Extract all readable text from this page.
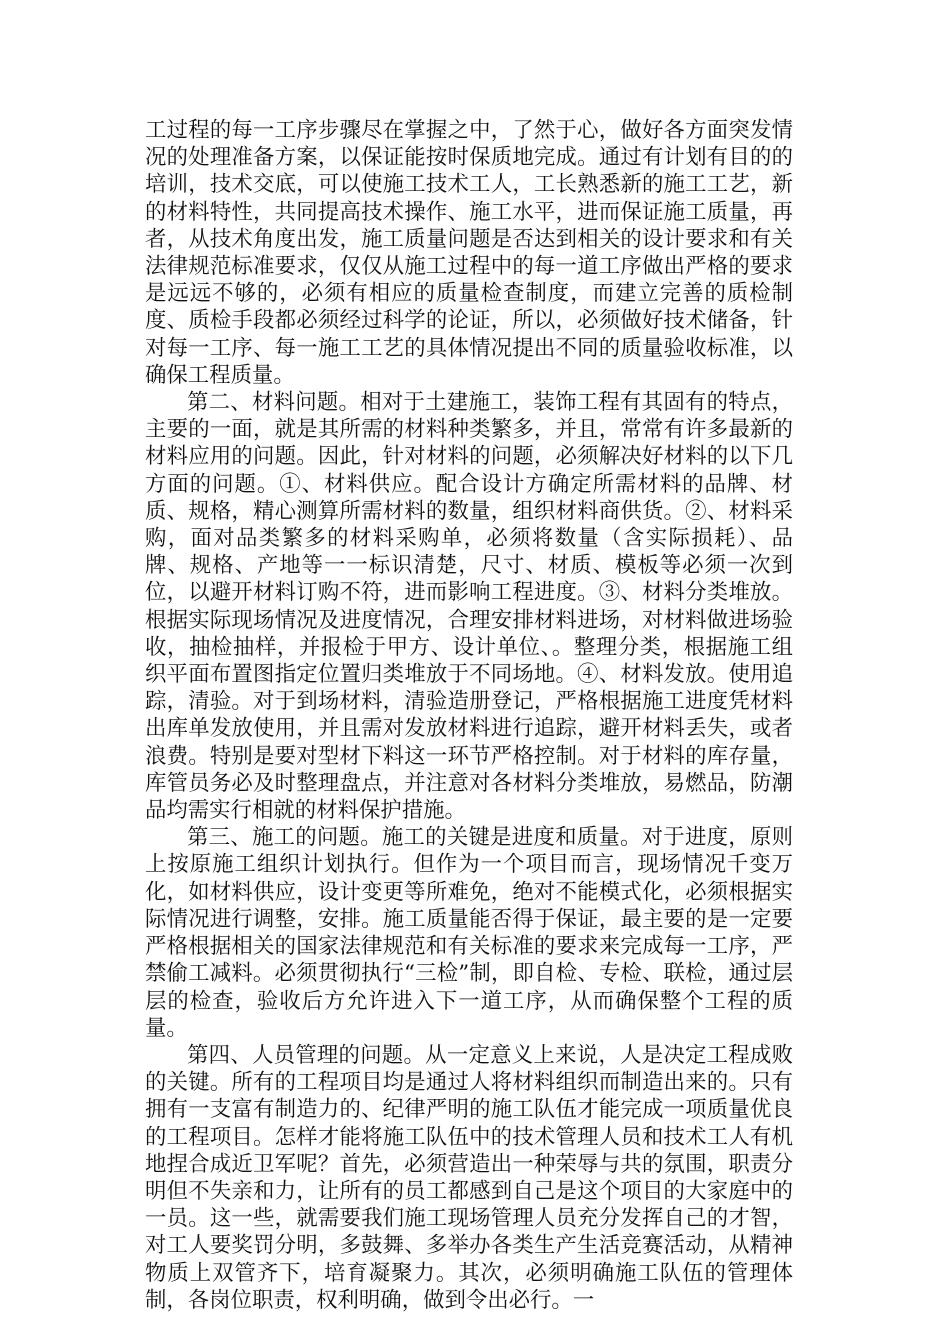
工过程的每一工序步骤尽在掌握之中，了然于心，做好各方面突发情况的处理准备方案，以保证能按时保质地完成。通过有计划有目的的培训，技术交底，可以使施工技术工人，工长熟悉新的施工工艺，新的材料特性，共同提高技术操作、施工水平，进而保证施工质量，再者，从技术角度出发，施工质量问题是否达到相关的设计要求和有关法律规范标准要求，仅仅从施工过程中的每一道工序做出严格的要求是远远不够的，必须有相应的质量检查制度，而建立完善的质检制度、质检手段都必须经过科学的论证，所以，必须做好技术储备，针对每一工序、每一施工工艺的具体情况提出不同的质量验收标准，以确保工程质量。

第二、材料问题。相对于土建施工，装饰工程有其固有的特点，主要的一面，就是其所需的材料种类繁多，并且，常常有许多最新的材料应用的问题。因此，针对材料的问题，必须解决好材料的以下几方面的问题。①、材料供应。配合设计方确定所需材料的品牌、材质、规格，精心测算所需材料的数量，组织材料商供货。②、材料采购，面对品类繁多的材料采购单，必须将数量（含实际损耗）、品牌、规格、产地等一一标识清楚，尺寸、材质、模板等必须一次到位，以避开材料订购不符，进而影响工程进度。③、材料分类堆放。根据实际现场情况及进度情况，合理安排材料进场，对材料做进场验收，抽检抽样，并报检于甲方、设计单位、。整理分类，根据施工组织平面布置图指定位置归类堆放于不同场地。④、材料发放。使用追踪，清验。对于到场材料，清验造册登记，严格根据施工进度凭材料出库单发放使用，并且需对发放材料进行追踪，避开材料丢失，或者浪费。特别是要对型材下料这一环节严格控制。对于材料的库存量，库管员务必及时整理盘点，并注意对各材料分类堆放，易燃品，防潮品均需实行相就的材料保护措施。

第三、施工的问题。施工的关键是进度和质量。对于进度，原则上按原施工组织计划执行。但作为一个项目而言，现场情况千变万化，如材料供应，设计变更等所难免，绝对不能模式化，必须根据实际情况进行调整，安排。施工质量能否得于保证，最主要的是一定要严格根据相关的国家法律规范和有关标准的要求来完成每一工序，严禁偷工减料。必须贯彻执行“三检”制，即自检、专检、联检，通过层层的检查，验收后方允许进入下一道工序，从而确保整个工程的质量。

第四、人员管理的问题。从一定意义上来说，人是决定工程成败的关键。所有的工程项目均是通过人将材料组织而制造出来的。只有拥有一支富有制造力的、纪律严明的施工队伍才能完成一项质量优良的工程项目。怎样才能将施工队伍中的技术管理人员和技术工人有机地捏合成近卫军呢？首先，必须营造出一种荣辱与共的氛围，职责分明但不失亲和力，让所有的员工都感到自己是这个项目的大家庭中的一员。这一些，就需要我们施工现场管理人员充分发挥自己的才智，对工人要奖罚分明，多鼓舞、多举办各类生产生活竞赛活动，从精神物质上双管齐下，培育凝聚力。其次，必须明确施工队伍的管理体制，各岗位职责，权利明确，做到令出必行。一
